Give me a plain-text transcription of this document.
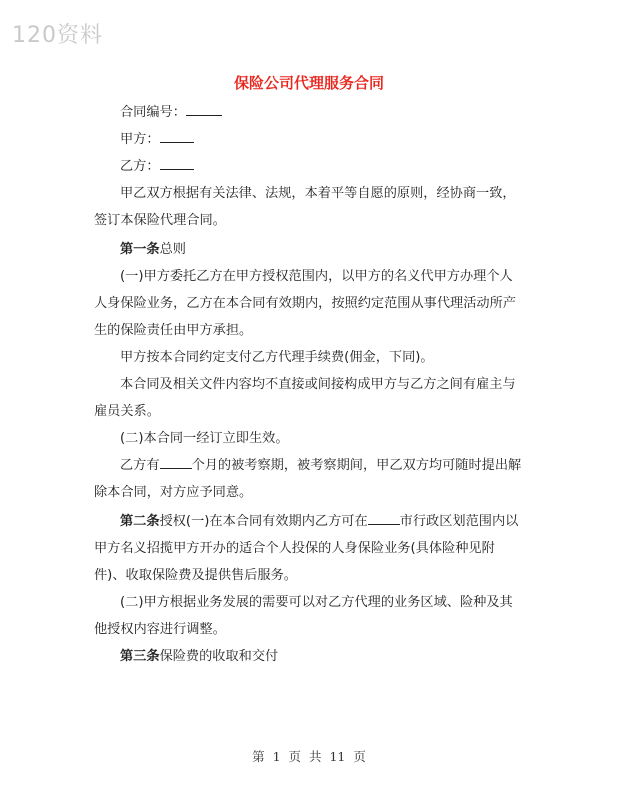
120资料
保险公司代理服务合同

合同编号：

甲方：

乙方：

甲乙双方根据有关法律、法规，本着平等自愿的原则，经协商一致，签订本保险代理合同。

第一条总则

(一)甲方委托乙方在甲方授权范围内，以甲方的名义代甲方办理个人人身保险业务，乙方在本合同有效期内，按照约定范围从事代理活动所产生的保险责任由甲方承担。

甲方按本合同约定支付乙方代理手续费(佣金，下同)。

本合同及相关文件内容均不直接或间接构成甲方与乙方之间有雇主与雇员关系。

(二)本合同一经订立即生效。

乙方有 个月的被考察期，被考察期间，甲乙双方均可随时提出解除本合同，对方应予同意。

第二条授权(一)在本合同有效期内乙方可在 市行政区划范围内以甲方名义招揽甲方开办的适合个人投保的人身保险业务(具体险种见附件)、收取保险费及提供售后服务。

(二)甲方根据业务发展的需要可以对乙方代理的业务区域、险种及其他授权内容进行调整。

第三条保险费的收取和交付

第 1 页 共 11 页
